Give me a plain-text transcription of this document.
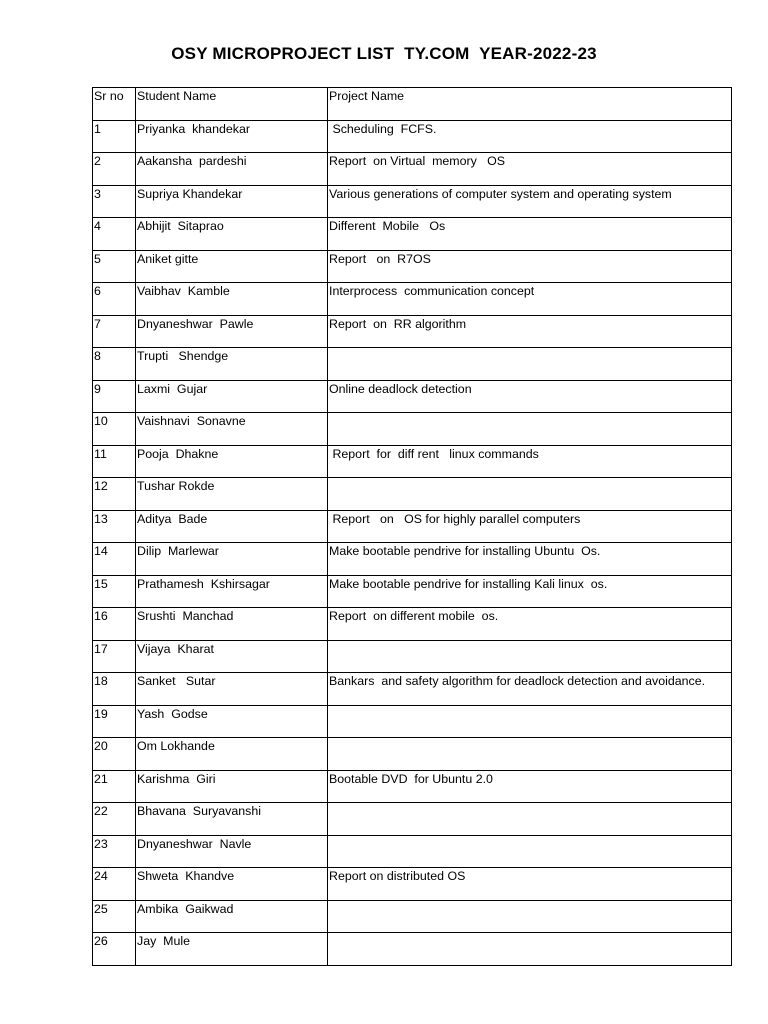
OSY MICROPROJECT LIST  TY.COM  YEAR-2022-23
Sr no	Student Name	Project Name
1	Priyanka  khandekar	Scheduling  FCFS.
2	Aakansha  pardeshi	Report  on Virtual  memory   OS
3	Supriya Khandekar	Various generations of computer system and operating system
4	Abhijit  Sitaprao	Different  Mobile   Os
5	Aniket gitte	Report   on  R7OS
6	Vaibhav  Kamble	Interprocess  communication concept
7	Dnyaneshwar  Pawle	Report  on  RR algorithm
8	Trupti   Shendge	
9	Laxmi  Gujar	Online deadlock detection
10	Vaishnavi  Sonavne	
11	Pooja  Dhakne	Report  for  diff rent   linux commands
12	Tushar Rokde	
13	Aditya  Bade	Report   on   OS for highly parallel computers
14	Dilip  Marlewar	Make bootable pendrive for installing Ubuntu  Os.
15	Prathamesh  Kshirsagar	Make bootable pendrive for installing Kali linux  os.
16	Srushti  Manchad	Report  on different mobile  os.
17	Vijaya  Kharat	
18	Sanket   Sutar	Bankars  and safety algorithm for deadlock detection and avoidance.
19	Yash  Godse	
20	Om Lokhande	
21	Karishma  Giri	Bootable DVD  for Ubuntu 2.0
22	Bhavana  Suryavanshi	
23	Dnyaneshwar  Navle	
24	Shweta  Khandve	Report on distributed OS
25	Ambika  Gaikwad	
26	Jay  Mule	
